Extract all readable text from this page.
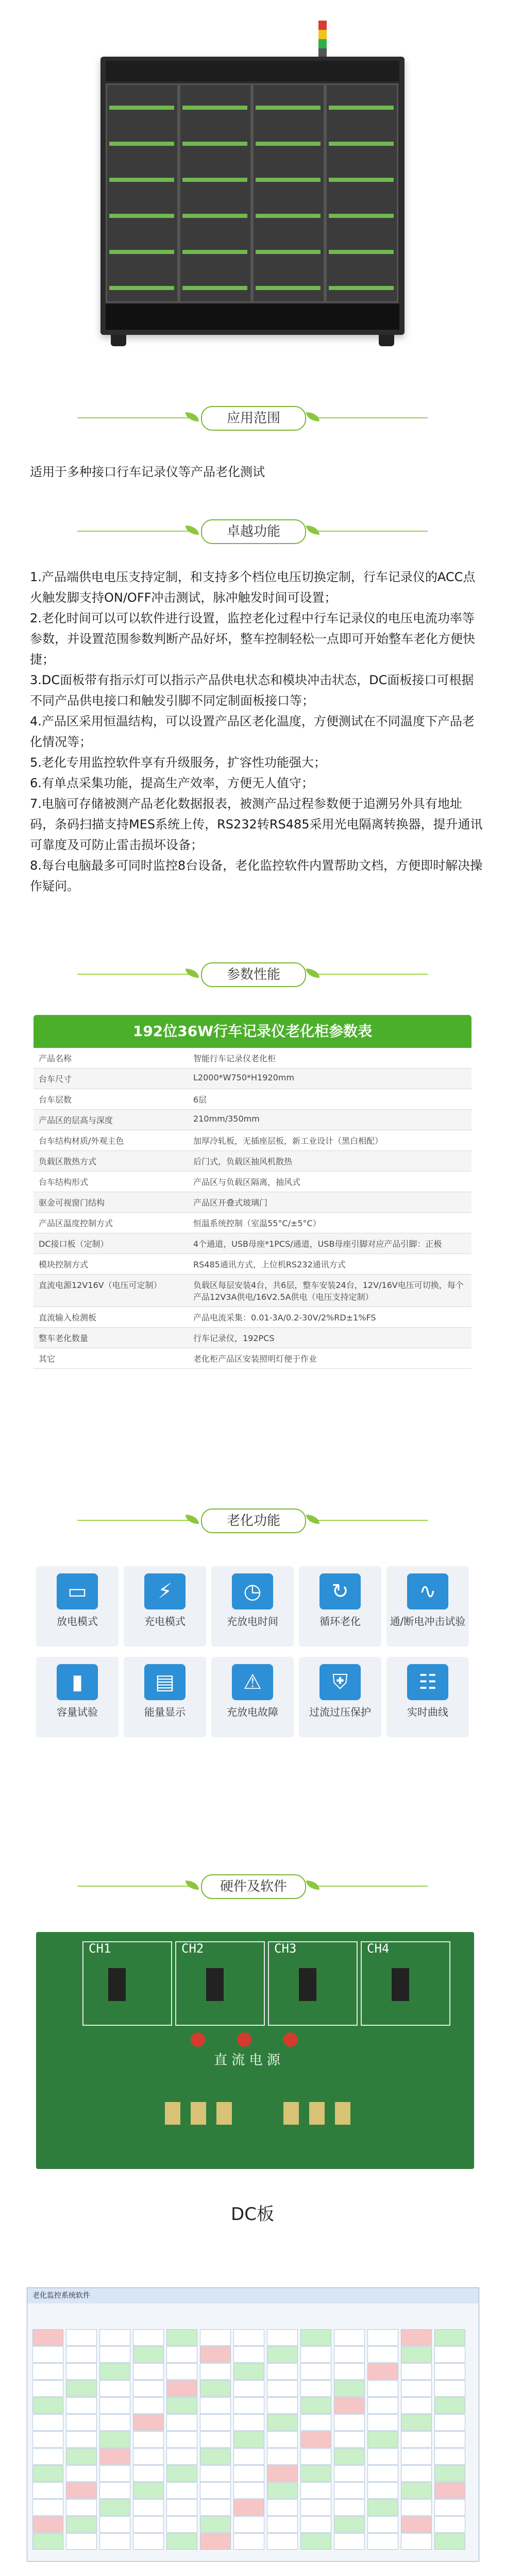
应用范围
适用于多种接口行车记录仪等产品老化测试
卓越功能

1.产品端供电电压支持定制，和支持多个档位电压切换定制，行车记录仪的ACC点火触发脚支持ON/OFF冲击测试，脉冲触发时间可设置；

2.老化时间可以可以软件进行设置，监控老化过程中行车记录仪的电压电流功率等参数，并设置范围参数判断产品好坏，整车控制轻松一点即可开始整车老化方便快捷；

3.DC面板带有指示灯可以指示产品供电状态和模块冲击状态，DC面板接口可根据不同产品供电接口和触发引脚不同定制面板接口等；

4.产品区采用恒温结构，可以设置产品区老化温度，方便测试在不同温度下产品老化情况等；

5.老化专用监控软件享有升级服务，扩容性功能强大；

6.有单点采集功能，提高生产效率，方便无人值守；

7.电脑可存储被测产品老化数据报表，被测产品过程参数便于追溯另外具有地址码，条码扫描支持MES系统上传，RS232转RS485采用光电隔离转换器，提升通讯可靠度及可防止雷击损坏设备；

8.每台电脑最多可同时监控8台设备，老化监控软件内置帮助文档，方便即时解决操作疑问。

参数性能
192位36W行车记录仪老化柜参数表
产品名称	智能行车记录仪老化柜
台车尺寸	L2000*W750*H1920mm
台车层数	6层
产品区的层高与深度	210mm/350mm
台车结构材质/外观主色	加厚冷轧板，无插座层板，新工业设计（黑白相配）
负载区散热方式	后门式，负载区抽风机散热
台车结构形式	产品区与负载区隔离，抽风式
驱金可视窗门结构	产品区开叠式玻璃门
产品区温度控制方式	恒温系统控制（室温55°C/±5°C）
DC接口板（定制）	4个通道，USB母座*1PCS/通道，USB母座引脚对应产品引脚：正极
模块控制方式	RS485通讯方式，上位机RS232通讯方式
直流电源12V16V（电压可定制）	负载区每层安装4台，共6层，整车安装24台，12V/16V电压可切换，每个产品12V3A供电/16V2.5A供电（电压支持定制）
直流输入检测板	产品电流采集：0.01-3A/0.2-30V/2%RD±1%FS
整车老化数量	行车记录仪，192PCS
其它	老化柜产品区安装照明灯便于作业
老化功能
▭
放电模式
⚡
充电模式
◷
充放电时间
↻
循环老化
∿
通/断电冲击试验
▮
容量试验
▤
能量显示
⚠
充放电故障
⛨
过流过压保护
☷
实时曲线
硬件及软件
CH1	CH2	CH3	CH4
直 流 电 源
DC板
老化监控系统软件
